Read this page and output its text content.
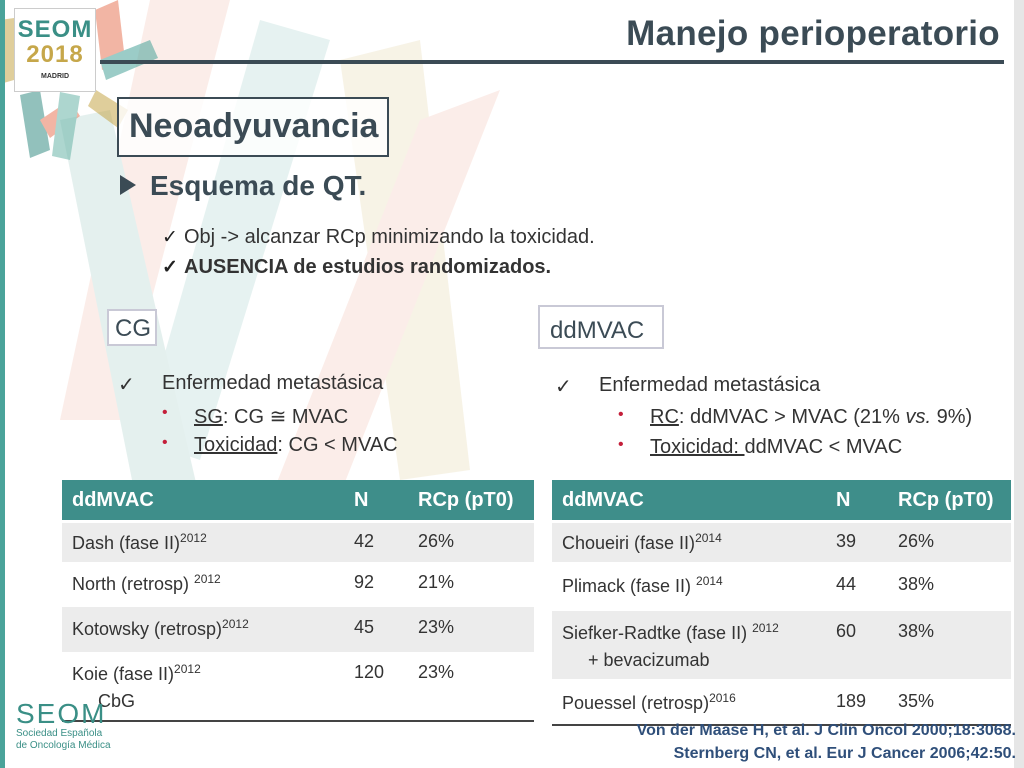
SEOM
2018
MADRID
Manejo perioperatorio
Neoadyuvancia
Esquema de QT.
✓ Obj -> alcanzar RCp minimizando la toxicidad.
✓ AUSENCIA de estudios randomizados.
CG
✓ Enfermedad metastásica
• SG: CG ≅ MVAC
• Toxicidad: CG < MVAC
ddMVAC	N	RCp (pT0)
Dash (fase II)$^{2012}$	42	26%
North (retrosp) $^{2012}$	92	21%
Kotowsky (retrosp)$^{2012}$	45	23%
Koie (fase II)$^{2012}$
CbG	120	23%
ddMVAC
✓ Enfermedad metastásica
• RC: ddMVAC > MVAC (21% vs. 9%)
• Toxicidad: ddMVAC < MVAC
ddMVAC	N	RCp (pT0)
Choueiri (fase II)$^{2014}$	39	26%
Plimack (fase II) $^{2014}$	44	38%
Siefker-Radtke (fase II) $^{2012}$
+ bevacizumab	60	38%
Pouessel (retrosp)$^{2016}$	189	35%
SEOM
Sociedad Española
de Oncología Médica
Von der Maase H, et al. J Clin Oncol 2000;18:3068.
Sternberg CN, et al. Eur J Cancer 2006;42:50.
